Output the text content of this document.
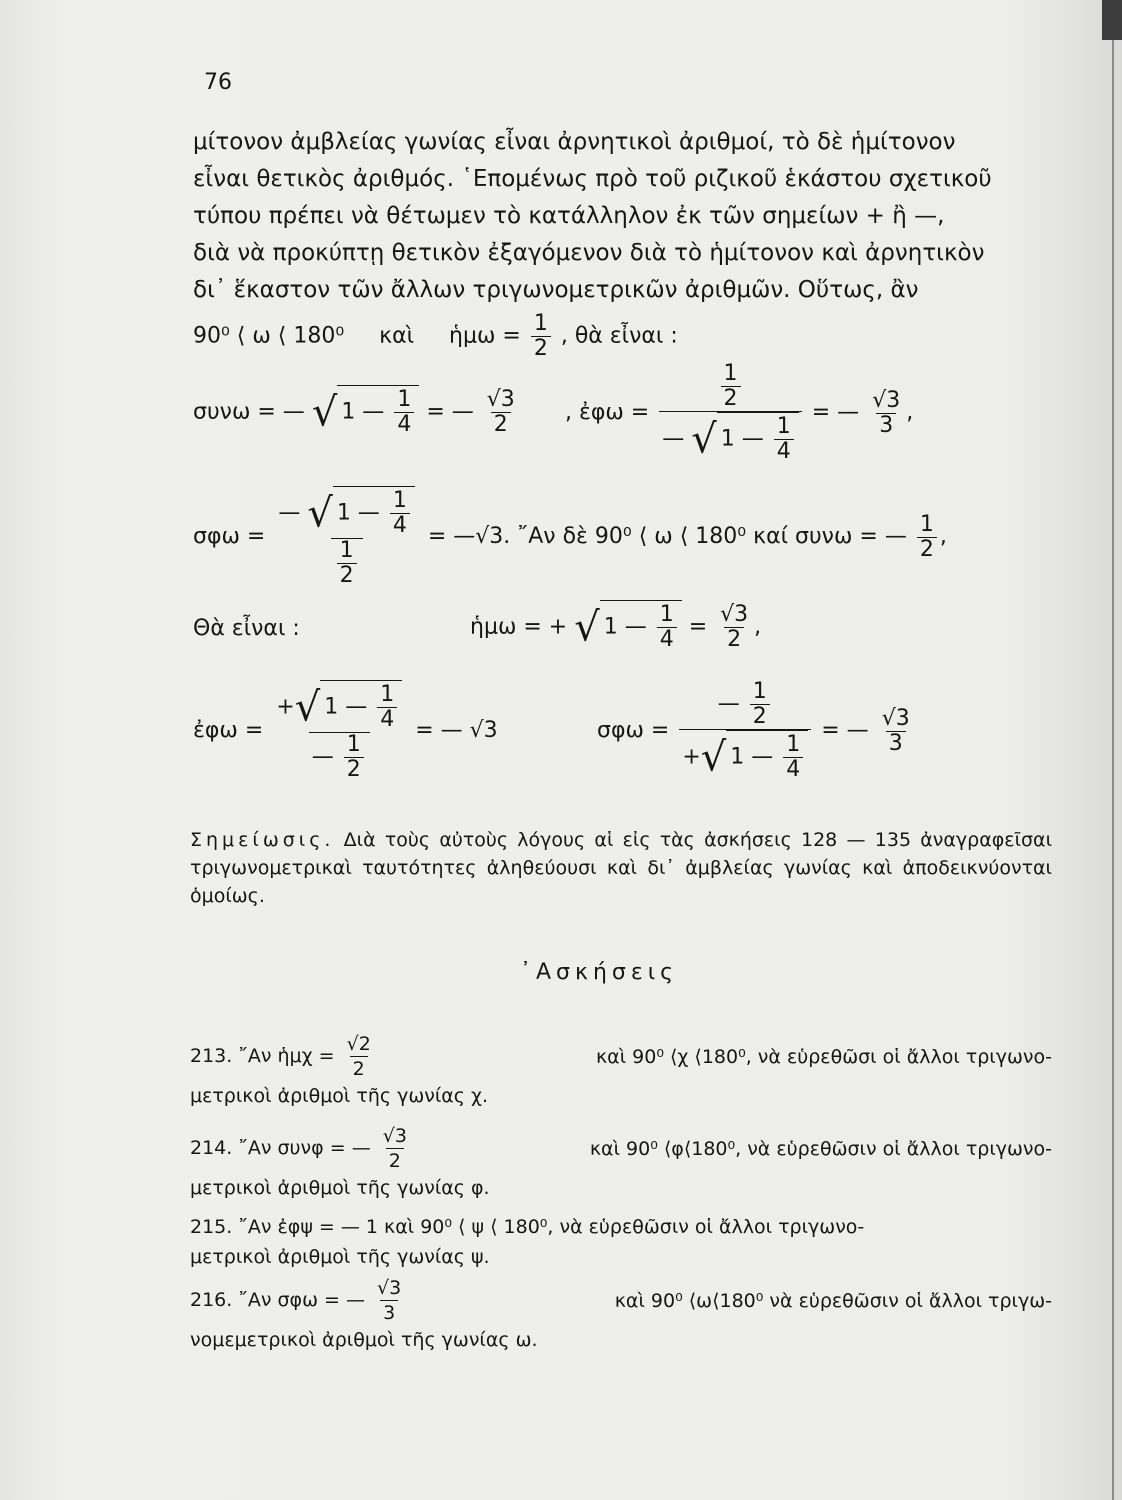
76
μίτονον ἀμβλείας γωνίας εἶναι ἀρνητικοὶ ἀριθμοί, τὸ δὲ ἡμίτονον
εἶναι θετικὸς ἀριθμός. ῾Επομένως πρὸ τοῦ ριζικοῦ ἑκάστου σχετικοῦ
τύπου πρέπει νὰ θέτωμεν τὸ κατάλληλον ἐκ τῶν σημείων + ἢ —,
διὰ νὰ προκύπτῃ θετικὸν ἐξαγόμενον διὰ τὸ ἡμίτονον καὶ ἀρνητικὸν
δι᾽ ἕκαστον τῶν ἄλλων τριγωνομετρικῶν ἀριθμῶν. Οὕτως, ἂν
90⁰ ⟨ ω ⟨ 180⁰ καὶ ἡμω = $\frac{1}{2}$ , θὰ εἶναι :
συνω = — √ 1 — $\frac{1}{4}$ = — $\frac{√3}{2}$ , ἐφω = $\frac{\frac{1}{2}}{— √ 1 — \frac{1}{4}}$ = — $\frac{√3}{3}$ ,
$\sigma\varphi\omega = \frac{— √ 1 — \frac{1}{4}}{\frac{1}{2}}$ = —√3. ῎Αν δὲ 90⁰ ⟨ ω ⟨ 180⁰ καί συνω = — $\frac{1}{2}$ ,
Θὰ εἶναι :	ἡμω = + √ 1 — $\frac{1}{4} = \frac{√3}{2}$ ,
ἐφω = $\frac{+√ 1 — \frac{1}{4}}{— \frac{1}{2}}$ = — √3	$\sigma\varphi\omega = \frac{— \frac{1}{2}}{+√ 1 — \frac{1}{4}}$ = — $\frac{√3}{3}$
Σημείωσις. Διὰ τοὺς αὐτοὺς λόγους αἱ εἰς τὰς ἀσκήσεις 128 — 135 ἀναγραφεῖσαι τριγωνομετρικαὶ ταυτότητες ἀληθεύουσι καὶ δι᾽ ἀμβλείας γωνίας καὶ ἀποδεικνύονται ὁμοίως.
᾽Ασκήσεις
213. ῎Αν ἡμχ = $\frac{√2}{2}$	καὶ 90⁰ ⟨χ ⟨180⁰, νὰ εὑρεθῶσι οἱ ἄλλοι τριγωνο-
μετρικοὶ ἀριθμοὶ τῆς γωνίας χ.
214. ῎Αν συνφ = — $\frac{√3}{2}$	καὶ 90⁰ ⟨φ⟨180⁰, νὰ εὑρεθῶσιν οἱ ἄλλοι τριγωνο-
μετρικοὶ ἀριθμοὶ τῆς γωνίας φ.
215. ῎Αν ἐφψ = — 1 καὶ 90⁰ ⟨ ψ ⟨ 180⁰, νὰ εὑρεθῶσιν οἱ ἄλλοι τριγωνο-
μετρικοὶ ἀριθμοὶ τῆς γωνίας ψ.
216. ῎Αν σφω = — $\frac{√3}{3}$	καὶ 90⁰ ⟨ω⟨180⁰ νὰ εὑρεθῶσιν οἱ ἄλλοι τριγω-
νομεμετρικοὶ ἀριθμοὶ τῆς γωνίας ω.
